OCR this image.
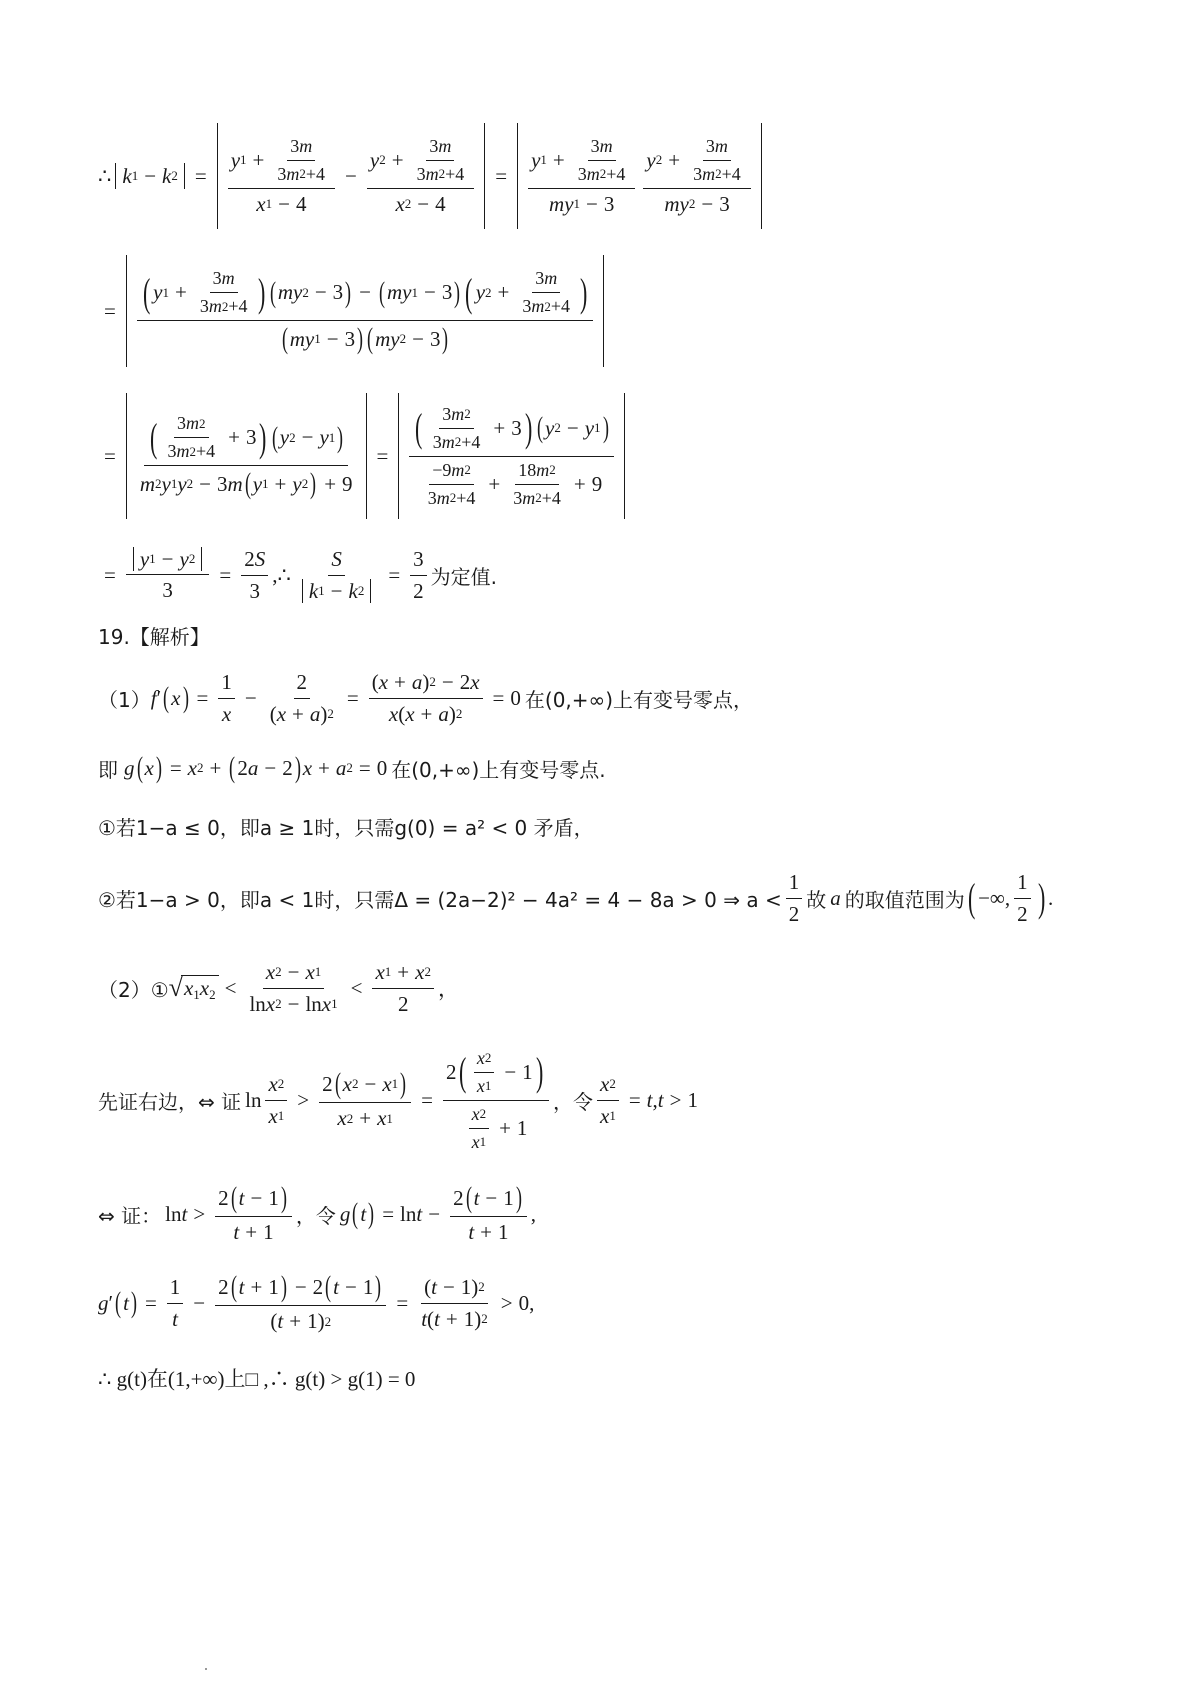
∴ k 1 − k $2 = \frac{y 1 + \frac{3 m}{3 m 2 +4}}{x 1 - 4} - \frac{y 2 + \frac{3 m}{3 m 2 +4}}{x 2 - 4} = \frac{y 1 + \frac{3 m}{3 m 2 +4}}{my 1 - 3} \frac{y 2 + \frac{3 m}{3 m 2 +4}}{my 2 - 3}$
= ( y $1 + \frac{3 m}{3 m 2 +4}$ ) ( my 2 − 3 ) − ( my 1 − 3 ) ( y $2 + \frac{3 m}{3 m 2 +4}$ )
( my 1 − 3 ) ( my 2 − 3 )
= $\frac{( \frac{3 m 2}{3 m 2 +4} + 3 ) ( y 2 - y 1 )}{m 2 y 1 y 2 - 3 m ( y 1 + y 2 ) + 9} = \frac{( \frac{3 m 2}{3 m 2 +4} + 3 ) ( y 2 - y 1 )}{\frac{-9 m 2}{3 m 2 +4} + \frac{18 m 2}{3 m 2 +4} + 9}$
= $\frac{y 1 - y 2}{3} = \frac{2 S}{3}$ ,∴ $\frac{S}{k 1 - k 2} = \frac{3}{2}$ 为定值.
19.【解析】
（1） f ′ ( x ) = $\frac{1}{x} - \frac{2}{( x + a ) 2} = \frac{( x + a ) 2 - 2 x}{x ( x + a ) 2} = 0$ 在(0,+∞)上有变号零点，
即 g ( x ) = x 2 + ( 2 a − 2 ) x + a 2 = 0 在(0,+∞)上有变号零点.
①若1−a ≤ 0，即a ≥ 1时，只需g(0) = a² < 0 矛盾，
②若1−a > 0，即a < 1时，只需Δ = (2a−2)² − 4a² = 4 − 8a > 0 ⇒ $a < \frac{1}{2}$ 故 a 的取值范围为 ( −∞, $\frac{1}{2}$ ) .
（2）① √ $x_1x_2 < \frac{x 2 - x 1}{\text{ln x 2 − ln x 1}} < \frac{x 1 + x 2}{2}$ ，
先证右边，⇔ 证 $\ln \frac{x 2}{x 1} > \frac{2 ( x 2 - x 1 )}{x 2 + x 1} = \frac{2 ( \frac{x 2}{x 1} - 1 )}{\frac{x 2}{x 1} + 1}$ ，令 $\frac{x 2}{x 1} = t$ , t > 1
⇔ 证： $\ln t > \frac{2 ( t - 1 )}{t + 1}$ ，令 g ( t ) = $\ln t - \frac{2 ( t - 1 )}{t + 1}$ ,
g ′ ( t ) = $\frac{1}{t} - \frac{2 ( t + 1 ) - 2 ( t - 1 )}{( t + 1) 2} = \frac{( t - 1) 2}{t ( t + 1) 2} > 0$,
∴ g(t)在(1,+∞)上□ ,∴ g(t) > g(1) = 0
